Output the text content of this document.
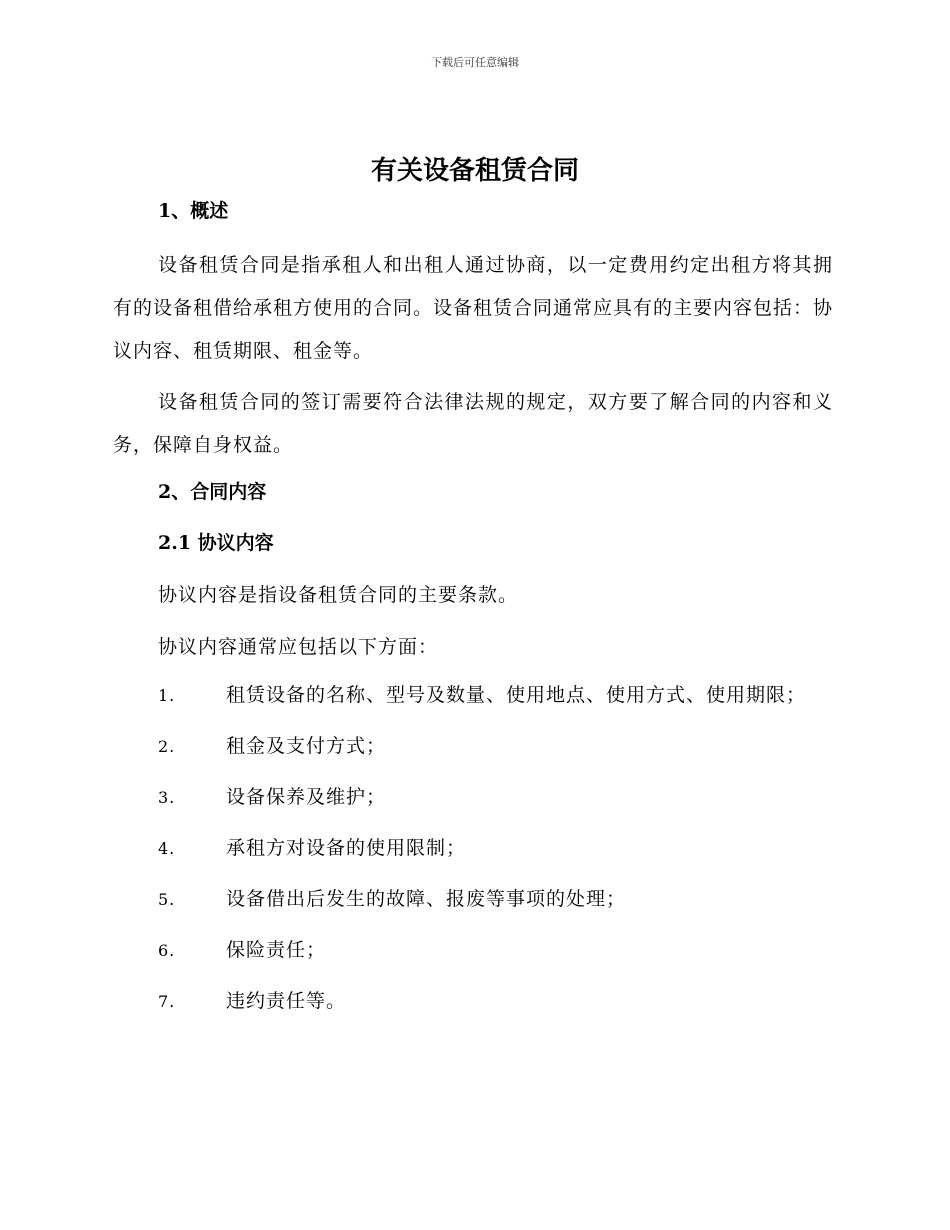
下载后可任意编辑
有关设备租赁合同

1、概述

设备租赁合同是指承租人和出租人通过协商，以一定费用约定出租方将其拥有的设备租借给承租方使用的合同。设备租赁合同通常应具有的主要内容包括：协议内容、租赁期限、租金等。

设备租赁合同的签订需要符合法律法规的规定，双方要了解合同的内容和义务，保障自身权益。

2、合同内容

2.1 协议内容

协议内容是指设备租赁合同的主要条款。

协议内容通常应包括以下方面：

1.	租赁设备的名称、型号及数量、使用地点、使用方式、使用期限；
2.	租金及支付方式；
3.	设备保养及维护；
4.	承租方对设备的使用限制；
5.	设备借出后发生的故障、报废等事项的处理；
6.	保险责任；
7.	违约责任等。
